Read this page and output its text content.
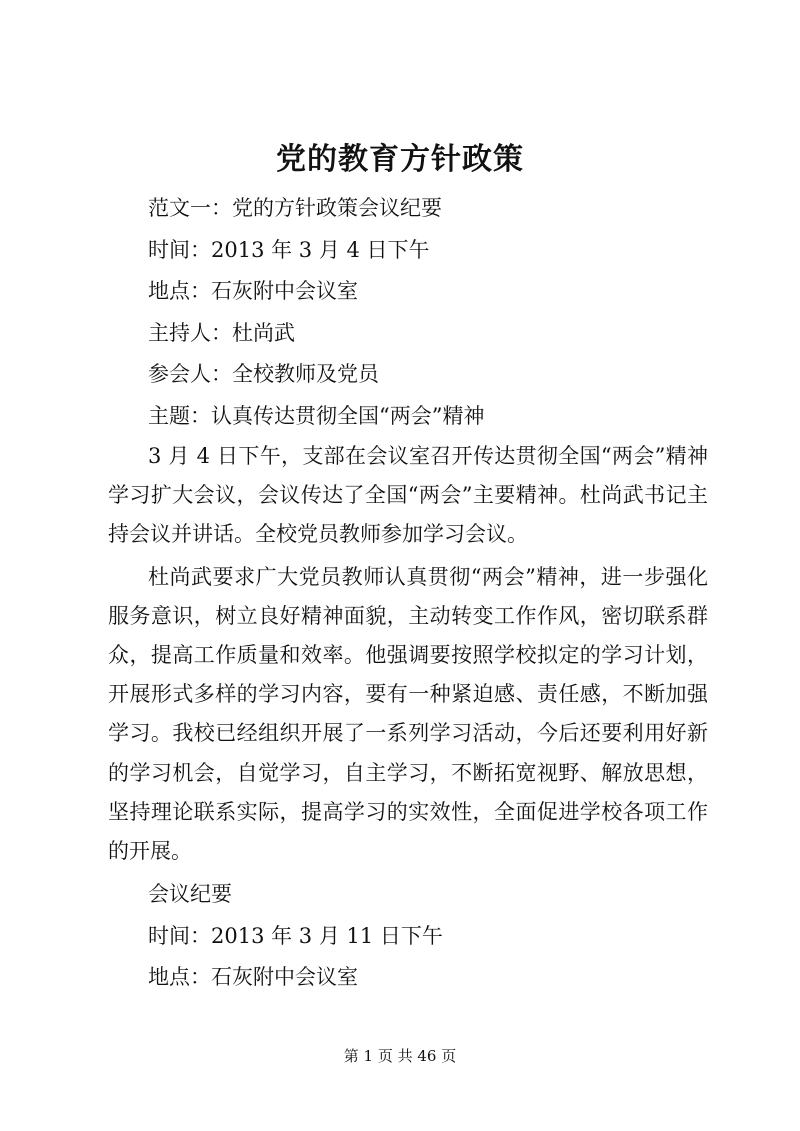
党的教育方针政策
范文一：党的方针政策会议纪要
时间：2013 年 3 月 4 日下午
地点：石灰附中会议室
主持人：杜尚武
参会人：全校教师及党员
主题：认真传达贯彻全国“两会”精神

3 月 4 日下午，支部在会议室召开传达贯彻全国“两会”精神学习扩大会议，会议传达了全国“两会”主要精神。杜尚武书记主持会议并讲话。全校党员教师参加学习会议。

杜尚武要求广大党员教师认真贯彻“两会”精神，进一步强化服务意识，树立良好精神面貌，主动转变工作作风，密切联系群众，提高工作质量和效率。他强调要按照学校拟定的学习计划，开展形式多样的学习内容，要有一种紧迫感、责任感，不断加强学习。我校已经组织开展了一系列学习活动，今后还要利用好新的学习机会，自觉学习，自主学习，不断拓宽视野、解放思想，坚持理论联系实际，提高学习的实效性，全面促进学校各项工作的开展。

会议纪要
时间：2013 年 3 月 11 日下午
地点：石灰附中会议室
第 1 页 共 46 页
